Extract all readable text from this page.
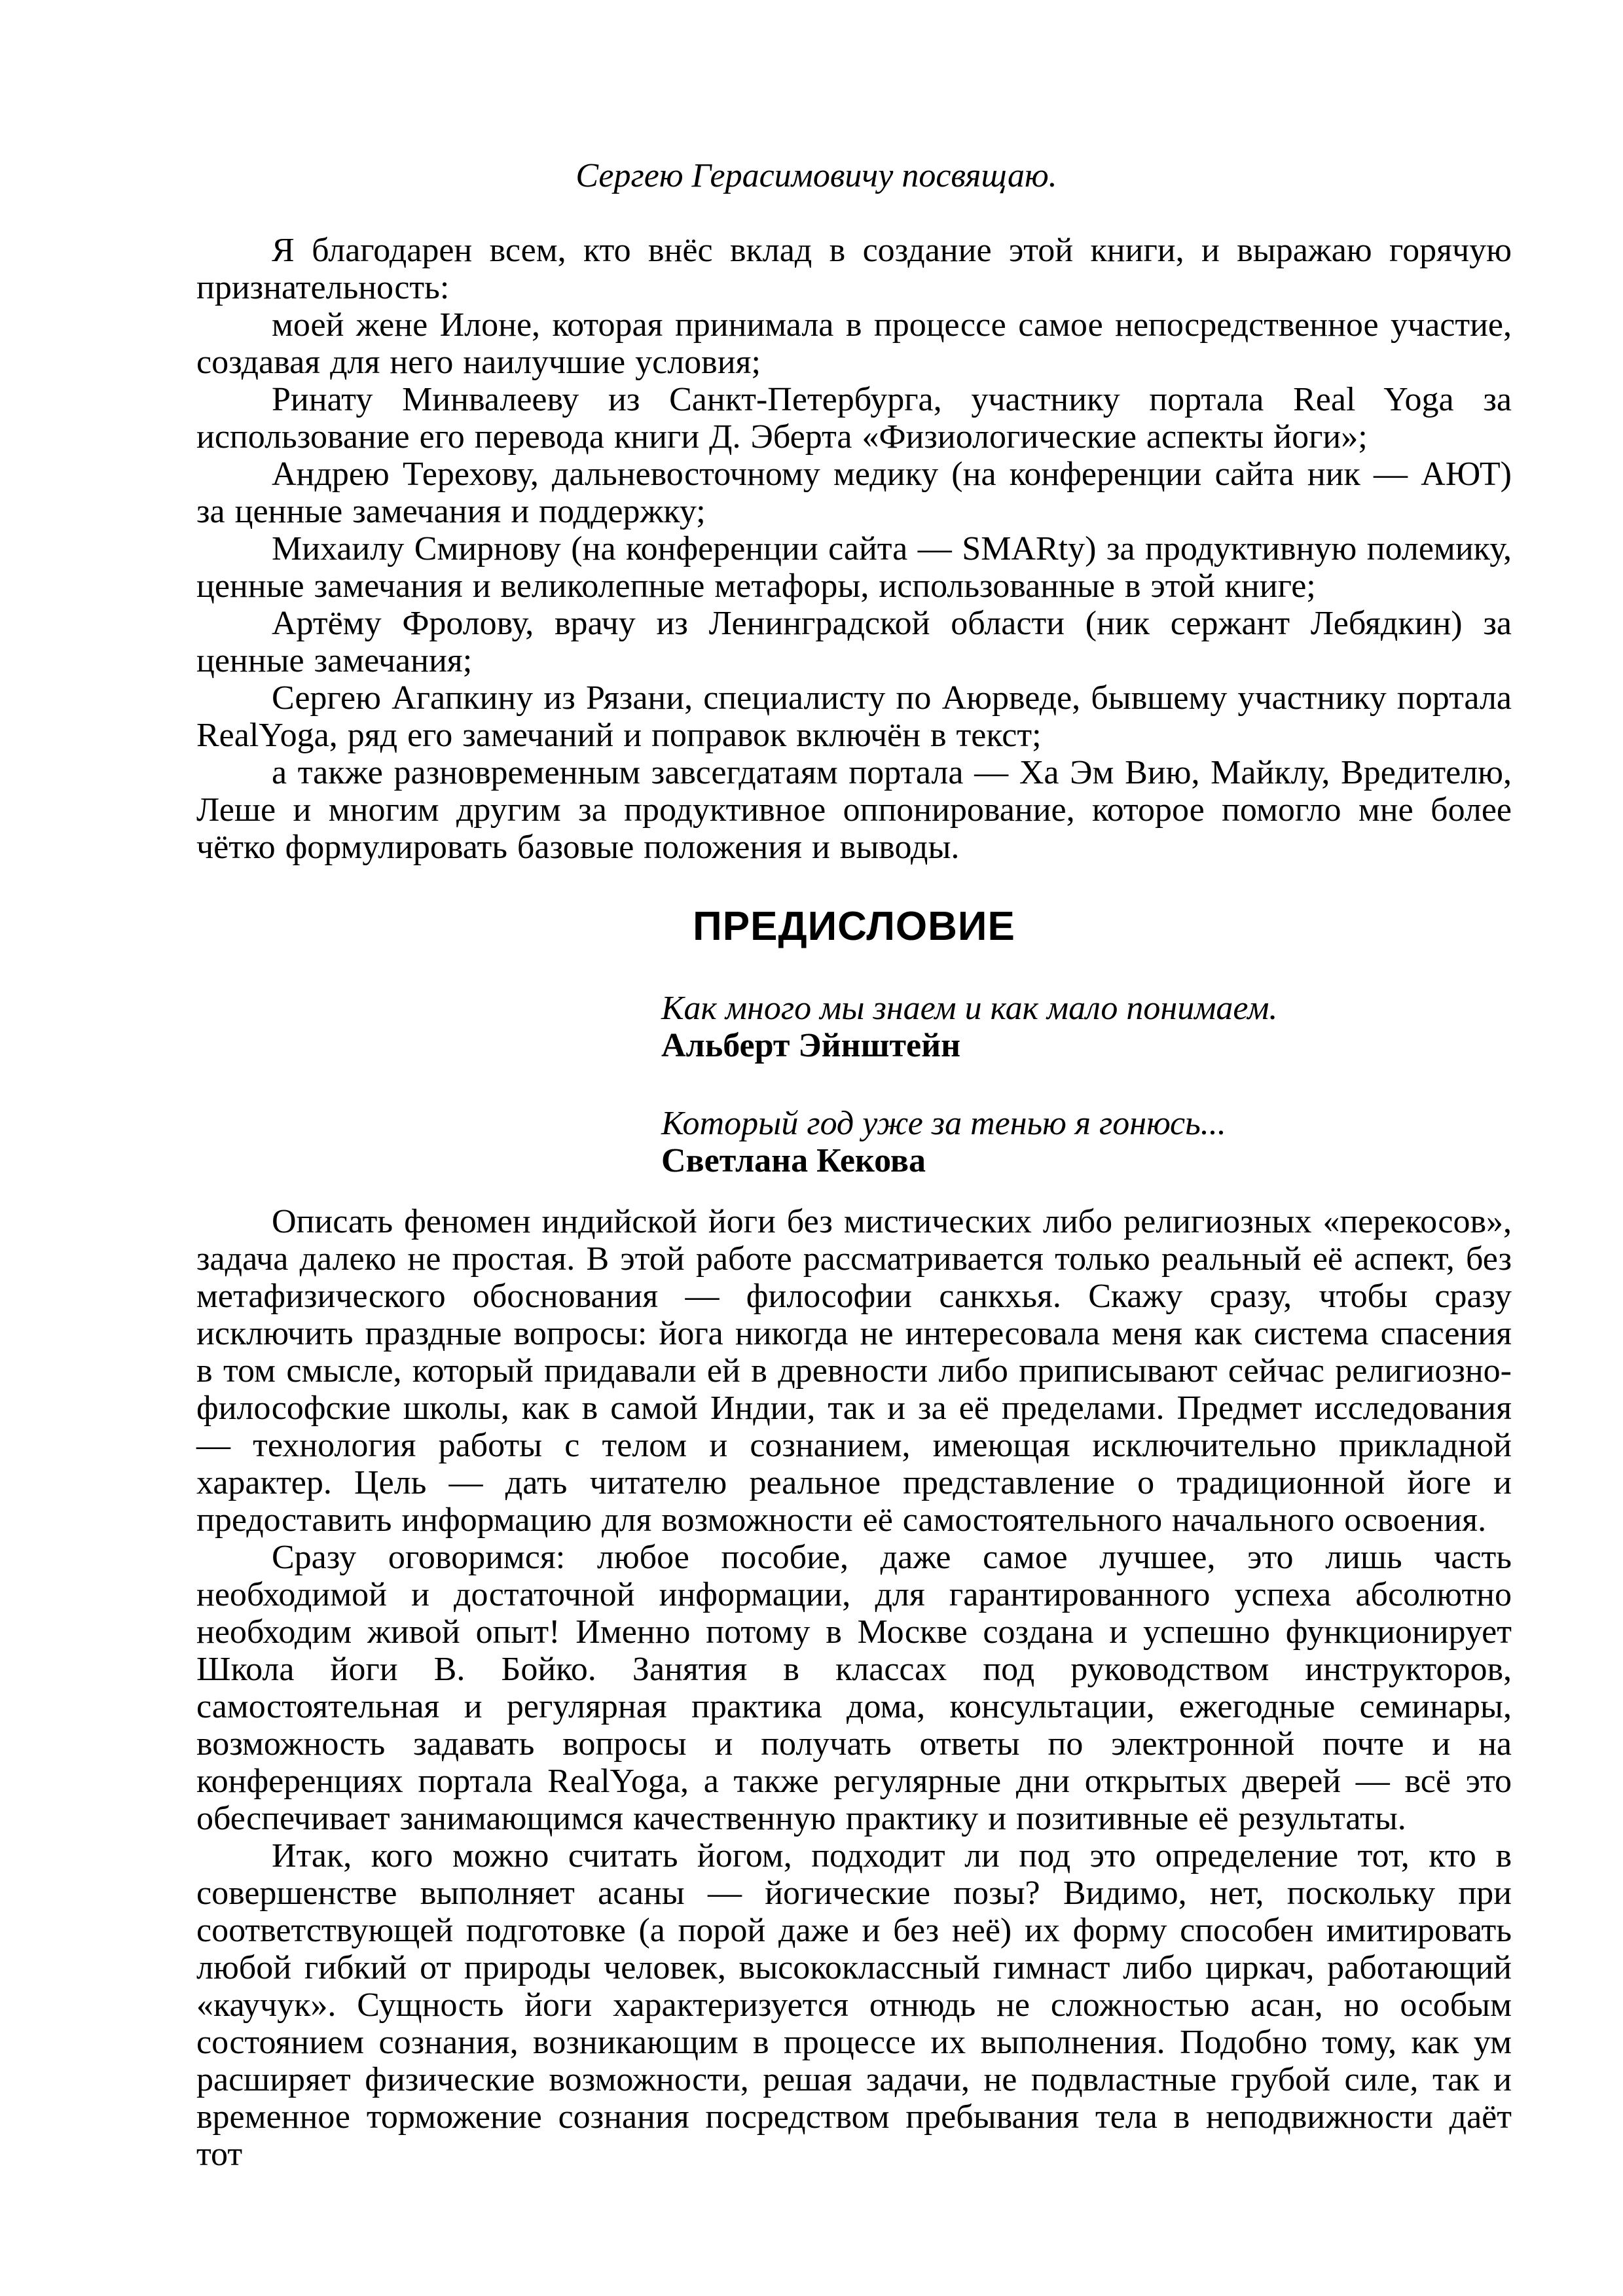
Сергею Герасимовичу посвящаю.

Я благодарен всем, кто внёс вклад в создание этой книги, и выражаю горячую признательность:

моей жене Илоне, которая принимала в процессе самое непосредственное участие, создавая для него наилучшие условия;

Ринату Минвалееву из Санкт-Петербурга, участнику портала Real Yoga за использование его перевода книги Д. Эберта «Физиологические аспекты йоги»;

Андрею Терехову, дальневосточному медику (на конференции сайта ник — АЮТ) за ценные замечания и поддержку;

Михаилу Смирнову (на конференции сайта — SMARty) за продуктивную полемику, ценные замечания и великолепные метафоры, использованные в этой книге;

Артёму Фролову, врачу из Ленинградской области (ник сержант Лебядкин) за ценные замечания;

Сергею Агапкину из Рязани, специалисту по Аюрведе, бывшему участнику портала RealYoga, ряд его замечаний и поправок включён в текст;

а также разновременным завсегдатаям портала — Ха Эм Вию, Майклу, Вредителю, Леше и многим другим за продуктивное оппонирование, которое помогло мне более чётко формулировать базовые положения и выводы.

ПРЕДИСЛОВИЕ

Как много мы знаем и как мало понимаем.

Альберт Эйнштейн

Который год уже за тенью я гонюсь...

Светлана Кекова

Описать феномен индийской йоги без мистических либо религиозных «перекосов», задача далеко не простая. В этой работе рассматривается только реальный её аспект, без метафизического обоснования — философии санкхья. Скажу сразу, чтобы сразу исключить праздные вопросы: йога никогда не интересовала меня как система спасения в том смысле, который придавали ей в древности либо приписывают сейчас религиозно-философские школы, как в самой Индии, так и за её пределами. Предмет исследования — технология работы с телом и сознанием, имеющая исключительно прикладной характер. Цель — дать читателю реальное представление о традиционной йоге и предоставить информацию для возможности её самостоятельного начального освоения.

Сразу оговоримся: любое пособие, даже самое лучшее, это лишь часть необходимой и достаточной информации, для гарантированного успеха абсолютно необходим живой опыт! Именно потому в Москве создана и успешно функционирует Школа йоги В. Бойко. Занятия в классах под руководством инструкторов, самостоятельная и регулярная практика дома, консультации, ежегодные семинары, возможность задавать вопросы и получать ответы по электронной почте и на конференциях портала RealYoga, а также регулярные дни открытых дверей — всё это обеспечивает занимающимся качественную практику и позитивные её результаты.

Итак, кого можно считать йогом, подходит ли под это определение тот, кто в совершенстве выполняет асаны — йогические позы? Видимо, нет, поскольку при соответствующей подготовке (а порой даже и без неё) их форму способен имитировать любой гибкий от природы человек, высококлассный гимнаст либо циркач, работающий «каучук». Сущность йоги характеризуется отнюдь не сложностью асан, но особым состоянием сознания, возникающим в процессе их выполнения. Подобно тому, как ум расширяет физические возможности, решая задачи, не подвластные грубой силе, так и временное торможение сознания посредством пребывания тела в неподвижности даёт тот
